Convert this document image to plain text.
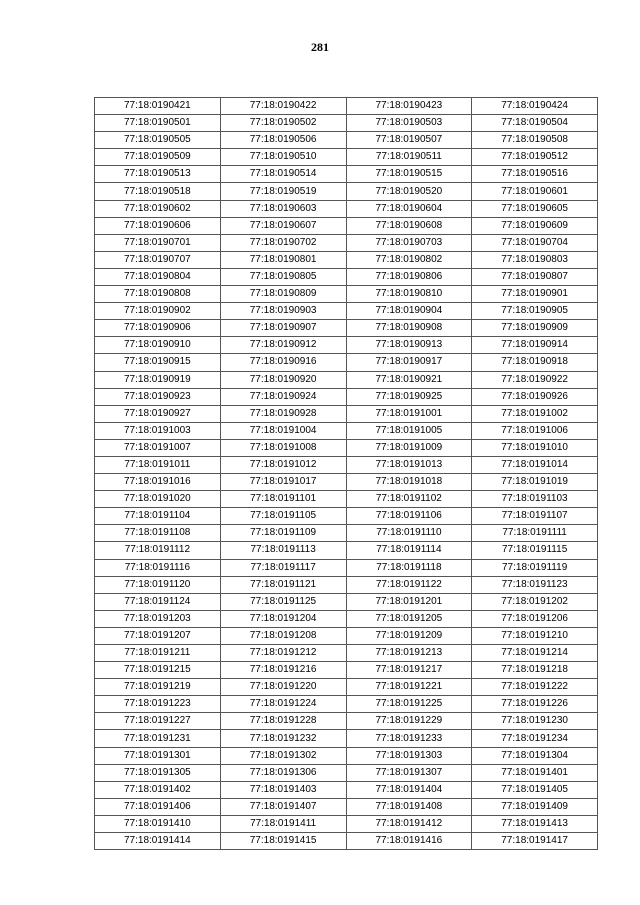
281
77:18:0190421	77:18:0190422	77:18:0190423	77:18:0190424
77:18:0190501	77:18:0190502	77:18:0190503	77:18:0190504
77:18:0190505	77:18:0190506	77:18:0190507	77:18:0190508
77:18:0190509	77:18:0190510	77:18:0190511	77:18:0190512
77:18:0190513	77:18:0190514	77:18:0190515	77:18:0190516
77:18:0190518	77:18:0190519	77:18:0190520	77:18:0190601
77:18:0190602	77:18:0190603	77:18:0190604	77:18:0190605
77:18:0190606	77:18:0190607	77:18:0190608	77:18:0190609
77:18:0190701	77:18:0190702	77:18:0190703	77:18:0190704
77:18:0190707	77:18:0190801	77:18:0190802	77:18:0190803
77:18:0190804	77:18:0190805	77:18:0190806	77:18:0190807
77:18:0190808	77:18:0190809	77:18:0190810	77:18:0190901
77:18:0190902	77:18:0190903	77:18:0190904	77:18:0190905
77:18:0190906	77:18:0190907	77:18:0190908	77:18:0190909
77:18:0190910	77:18:0190912	77:18:0190913	77:18:0190914
77:18:0190915	77:18:0190916	77:18:0190917	77:18:0190918
77:18:0190919	77:18:0190920	77:18:0190921	77:18:0190922
77:18:0190923	77:18:0190924	77:18:0190925	77:18:0190926
77:18:0190927	77:18:0190928	77:18:0191001	77:18:0191002
77:18:0191003	77:18:0191004	77:18:0191005	77:18:0191006
77:18:0191007	77:18:0191008	77:18:0191009	77:18:0191010
77:18:0191011	77:18:0191012	77:18:0191013	77:18:0191014
77:18:0191016	77:18:0191017	77:18:0191018	77:18:0191019
77:18:0191020	77:18:0191101	77:18:0191102	77:18:0191103
77:18:0191104	77:18:0191105	77:18:0191106	77:18:0191107
77:18:0191108	77:18:0191109	77:18:0191110	77:18:0191111
77:18:0191112	77:18:0191113	77:18:0191114	77:18:0191115
77:18:0191116	77:18:0191117	77:18:0191118	77:18:0191119
77:18:0191120	77:18:0191121	77:18:0191122	77:18:0191123
77:18:0191124	77:18:0191125	77:18:0191201	77:18:0191202
77:18:0191203	77:18:0191204	77:18:0191205	77:18:0191206
77:18:0191207	77:18:0191208	77:18:0191209	77:18:0191210
77:18:0191211	77:18:0191212	77:18:0191213	77:18:0191214
77:18:0191215	77:18:0191216	77:18:0191217	77:18:0191218
77:18:0191219	77:18:0191220	77:18:0191221	77:18:0191222
77:18:0191223	77:18:0191224	77:18:0191225	77:18:0191226
77:18:0191227	77:18:0191228	77:18:0191229	77:18:0191230
77:18:0191231	77:18:0191232	77:18:0191233	77:18:0191234
77:18:0191301	77:18:0191302	77:18:0191303	77:18:0191304
77:18:0191305	77:18:0191306	77:18:0191307	77:18:0191401
77:18:0191402	77:18:0191403	77:18:0191404	77:18:0191405
77:18:0191406	77:18:0191407	77:18:0191408	77:18:0191409
77:18:0191410	77:18:0191411	77:18:0191412	77:18:0191413
77:18:0191414	77:18:0191415	77:18:0191416	77:18:0191417
